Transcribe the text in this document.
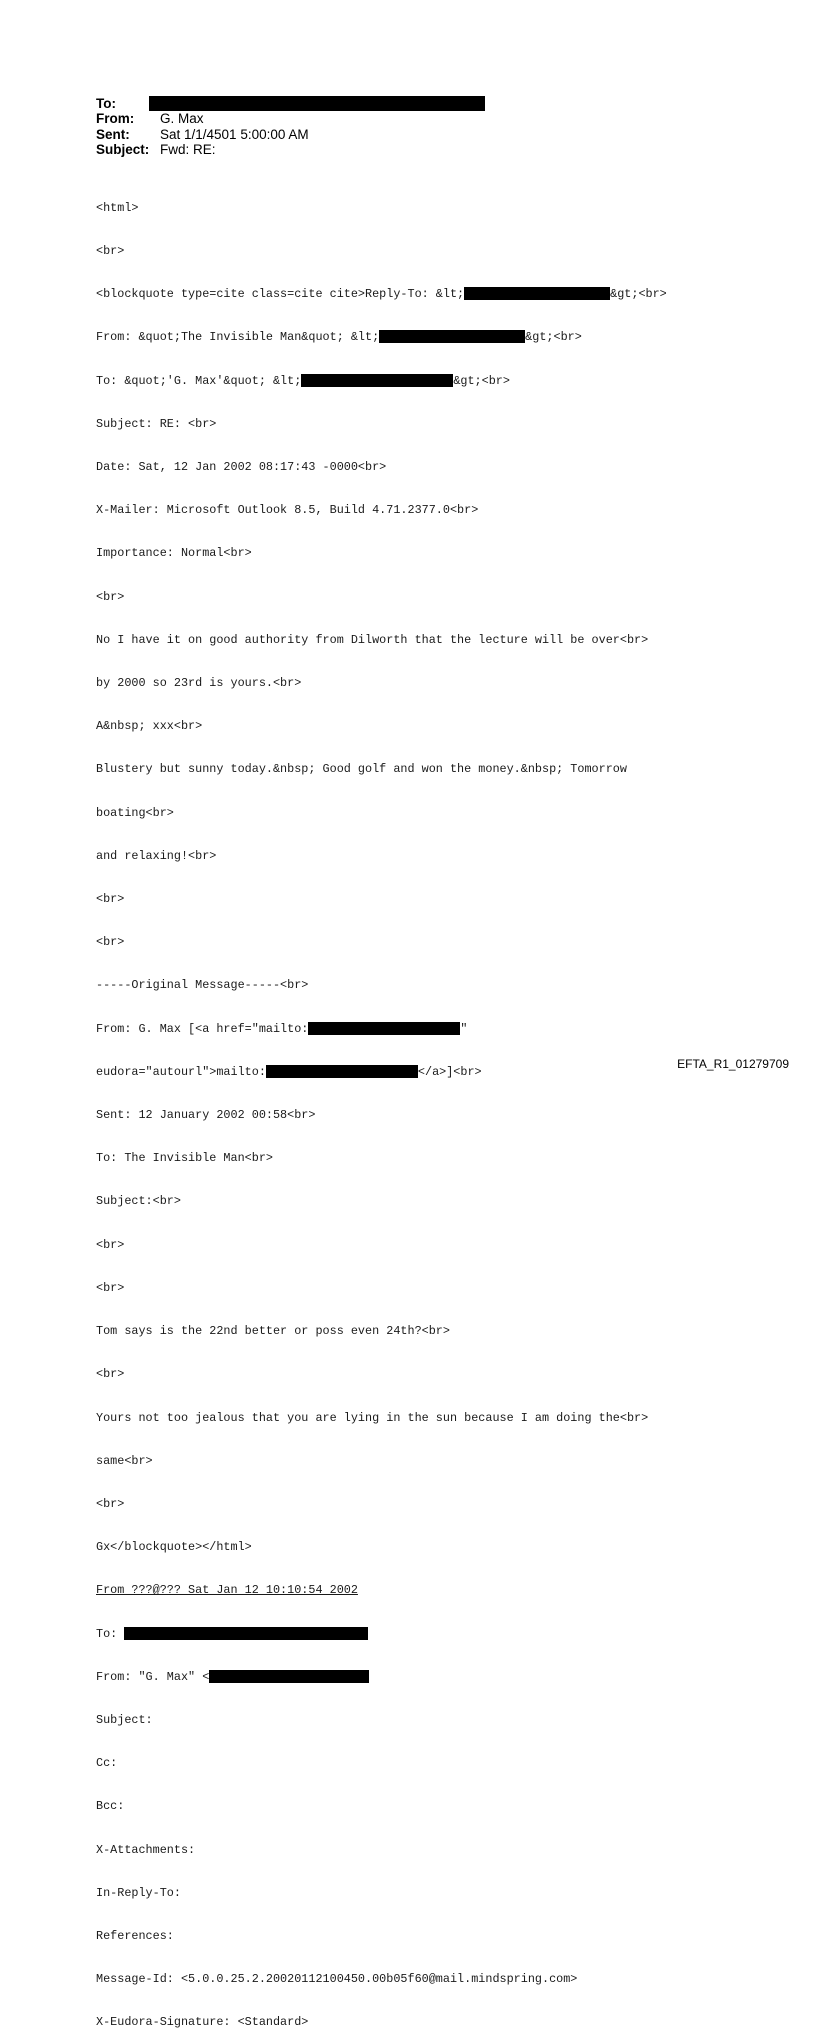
To:
From:	G. Max
Sent:	Sat 1/1/4501 5:00:00 AM
Subject: Fwd: RE:

<html>

<br>

<blockquote type=cite class=cite cite>Reply-To: &lt;	&gt;<br>

From: &quot;The Invisible Man&quot; &lt;	&gt;<br>

To: &quot;'G. Max'&quot; &lt;	&gt;<br>

Subject: RE: <br>

Date: Sat, 12 Jan 2002 08:17:43 -0000<br>

X-Mailer: Microsoft Outlook 8.5, Build 4.71.2377.0<br>

Importance: Normal<br>

<br>

No I have it on good authority from Dilworth that the lecture will be over<br>

by 2000 so 23rd is yours.<br>

A&nbsp; xxx<br>

Blustery but sunny today.&nbsp; Good golf and won the money.&nbsp; Tomorrow

boating<br>

and relaxing!<br>

<br>

<br>

-----Original Message-----<br>

From: G. Max [<a href="mailto:	"

eudora="autourl">mailto:	</a>]<br>

Sent: 12 January 2002 00:58<br>

To: The Invisible Man<br>

Subject:<br>

<br>

<br>

Tom says is the 22nd better or poss even 24th?<br>

<br>

Yours not too jealous that you are lying in the sun because I am doing the<br>

same<br>

<br>

Gx</blockquote></html>

From ???@??? Sat Jan 12 10:10:54 2002

To:

From: "G. Max" <

Subject:

Cc:

Bcc:

X-Attachments:

In-Reply-To:

References:

Message-Id: <5.0.0.25.2.20020112100450.00b05f60@mail.mindspring.com>

X-Eudora-Signature: <Standard>

EFTA_R1_01279709
